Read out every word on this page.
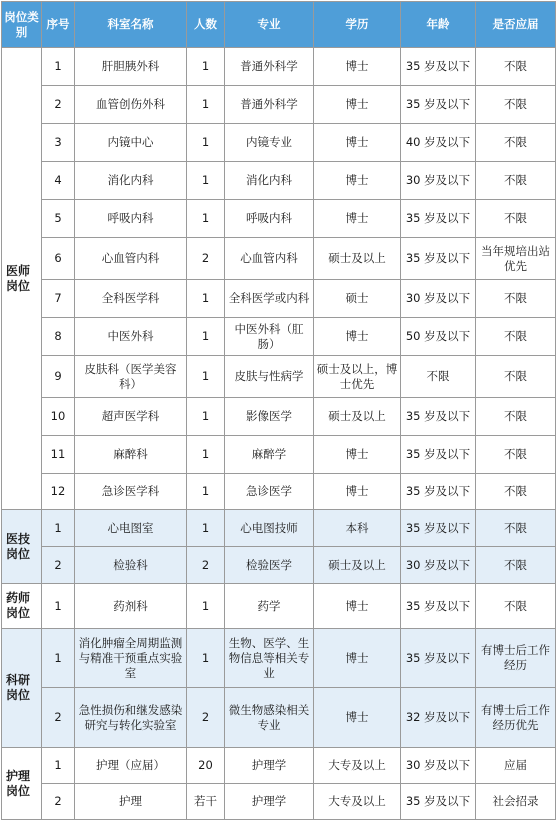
岗位类别	序号	科室名称	人数	专业	学历	年龄	是否应届
医师岗位	1	肝胆胰外科	1	普通外科学	博士	35 岁及以下	不限
	2	血管创伤外科	1	普通外科学	博士	35 岁及以下	不限
	3	内镜中心	1	内镜专业	博士	40 岁及以下	不限
	4	消化内科	1	消化内科	博士	30 岁及以下	不限
	5	呼吸内科	1	呼吸内科	博士	35 岁及以下	不限
	6	心血管内科	2	心血管内科	硕士及以上	35 岁及以下	当年规培出站优先
	7	全科医学科	1	全科医学或内科	硕士	30 岁及以下	不限
	8	中医外科	1	中医外科（肛肠）	博士	50 岁及以下	不限
	9	皮肤科（医学美容科）	1	皮肤与性病学	硕士及以上，博士优先	不限	不限
	10	超声医学科	1	影像医学	硕士及以上	35 岁及以下	不限
	11	麻醉科	1	麻醉学	博士	35 岁及以下	不限
	12	急诊医学科	1	急诊医学	博士	35 岁及以下	不限
医技岗位	1	心电图室	1	心电图技师	本科	35 岁及以下	不限
	2	检验科	2	检验医学	硕士及以上	30 岁及以下	不限
药师岗位	1	药剂科	1	药学	博士	35 岁及以下	不限
科研岗位	1	消化肿瘤全周期监测与精准干预重点实验室	1	生物、医学、生物信息等相关专业	博士	35 岁及以下	有博士后工作经历
	2	急性损伤和继发感染研究与转化实验室	2	微生物感染相关专业	博士	32 岁及以下	有博士后工作经历优先
护理岗位	1	护理（应届）	20	护理学	大专及以上	30 岁及以下	应届
	2	护理	若干	护理学	大专及以上	35 岁及以下	社会招录
